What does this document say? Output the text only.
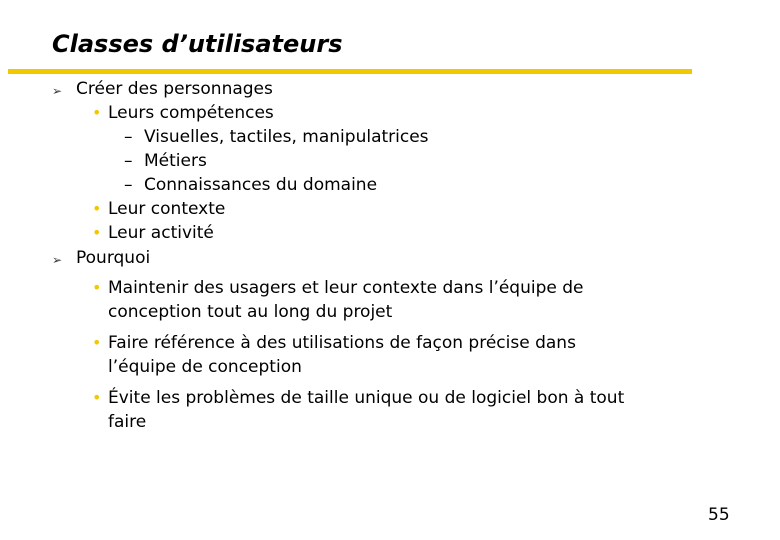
Classes d’utilisateurs
➢ Créer des personnages
• Leurs compétences
– Visuelles, tactiles, manipulatrices
– Métiers
– Connaissances du domaine
• Leur contexte
• Leur activité
➢ Pourquoi
• Maintenir des usagers et leur contexte dans l’équipe de
conception tout au long du projet
• Faire référence à des utilisations de façon précise dans
l’équipe de conception
• Évite les problèmes de taille unique ou de logiciel bon à tout
faire
55
